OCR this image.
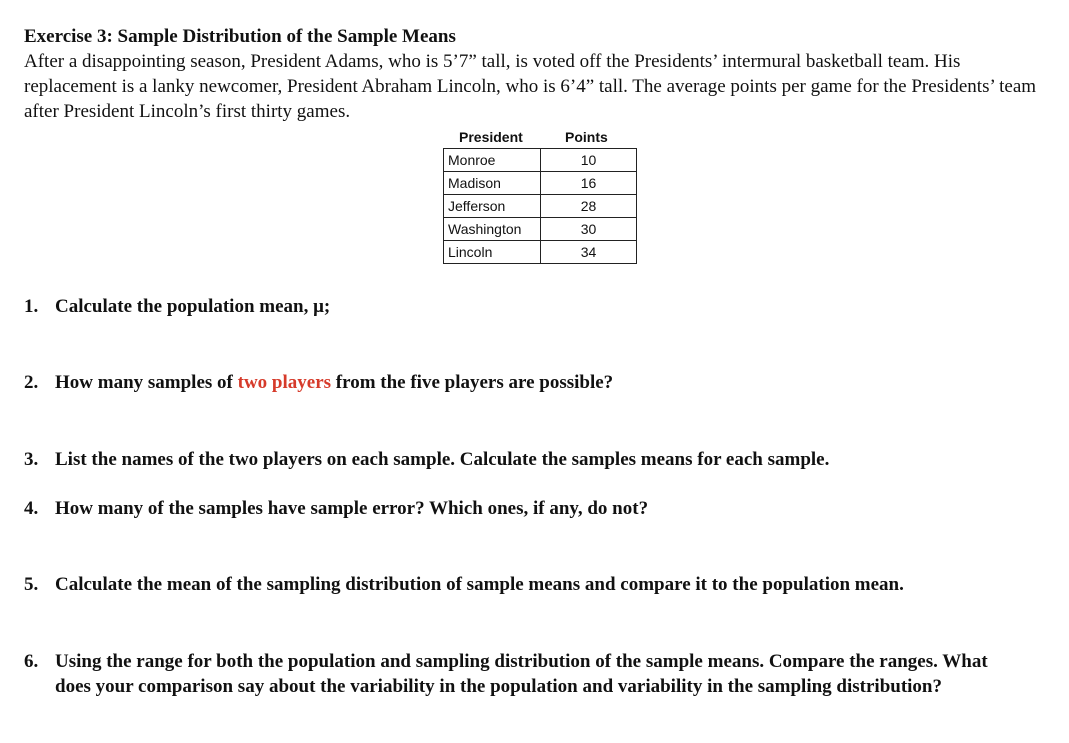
Exercise 3: Sample Distribution of the Sample Means

After a disappointing season, President Adams, who is 5’7” tall, is voted off the Presidents’ intermural basketball team. His replacement is a lanky newcomer, President Abraham Lincoln, who is 6’4” tall. The average points per game for the Presidents’ team after President Lincoln’s first thirty games.

President	Points
Monroe	10
Madison	16
Jefferson	28
Washington	30
Lincoln	34

1. Calculate the population mean, μ;

2. How many samples of two players from the five players are possible?

3. List the names of the two players on each sample. Calculate the samples means for each sample.

4. How many of the samples have sample error? Which ones, if any, do not?

5. Calculate the mean of the sampling distribution of sample means and compare it to the population mean.

6. Using the range for both the population and sampling distribution of the sample means. Compare the ranges. What does your comparison say about the variability in the population and variability in the sampling distribution?
